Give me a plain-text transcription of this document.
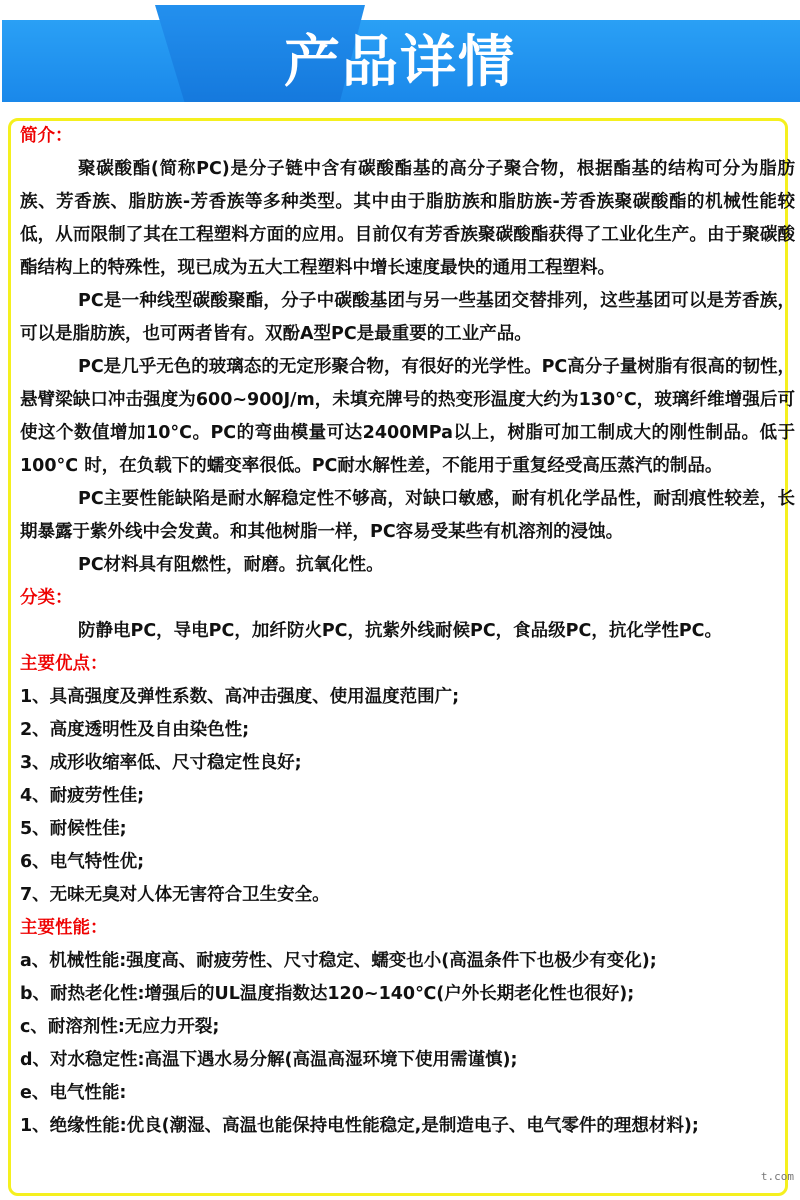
产品详情
简介：
聚碳酸酯(简称PC)是分子链中含有碳酸酯基的高分子聚合物，根据酯基的结构可分为脂肪族、芳香族、脂肪族-芳香族等多种类型。其中由于脂肪族和脂肪族-芳香族聚碳酸酯的机械性能较低，从而限制了其在工程塑料方面的应用。目前仅有芳香族聚碳酸酯获得了工业化生产。由于聚碳酸酯结构上的特殊性，现已成为五大工程塑料中增长速度最快的通用工程塑料。
PC是一种线型碳酸聚酯，分子中碳酸基团与另一些基团交替排列，这些基团可以是芳香族，可以是脂肪族，也可两者皆有。双酚A型PC是最重要的工业产品。
PC是几乎无色的玻璃态的无定形聚合物，有很好的光学性。PC高分子量树脂有很高的韧性，悬臂梁缺口冲击强度为600~900J/m，未填充牌号的热变形温度大约为130°C，玻璃纤维增强后可使这个数值增加10°C。PC的弯曲模量可达2400MPa以上，树脂可加工制成大的刚性制品。低于100°C 时，在负载下的蠕变率很低。PC耐水解性差，不能用于重复经受高压蒸汽的制品。
PC主要性能缺陷是耐水解稳定性不够高，对缺口敏感，耐有机化学品性，耐刮痕性较差，长期暴露于紫外线中会发黄。和其他树脂一样，PC容易受某些有机溶剂的浸蚀。
PC材料具有阻燃性，耐磨。抗氧化性。
分类：
防静电PC，导电PC，加纤防火PC，抗紫外线耐候PC，食品级PC，抗化学性PC。
主要优点：
1、具高强度及弹性系数、高冲击强度、使用温度范围广;
2、高度透明性及自由染色性;
3、成形收缩率低、尺寸稳定性良好;
4、耐疲劳性佳;
5、耐候性佳;
6、电气特性优;
7、无味无臭对人体无害符合卫生安全。
主要性能：
a、机械性能:强度高、耐疲劳性、尺寸稳定、蠕变也小(高温条件下也极少有变化);
b、耐热老化性:增强后的UL温度指数达120~140℃(户外长期老化性也很好);
c、耐溶剂性:无应力开裂;
d、对水稳定性:高温下遇水易分解(高温高湿环境下使用需谨慎);
e、电气性能:
1、绝缘性能:优良(潮湿、高温也能保持电性能稳定,是制造电子、电气零件的理想材料);
t.com
